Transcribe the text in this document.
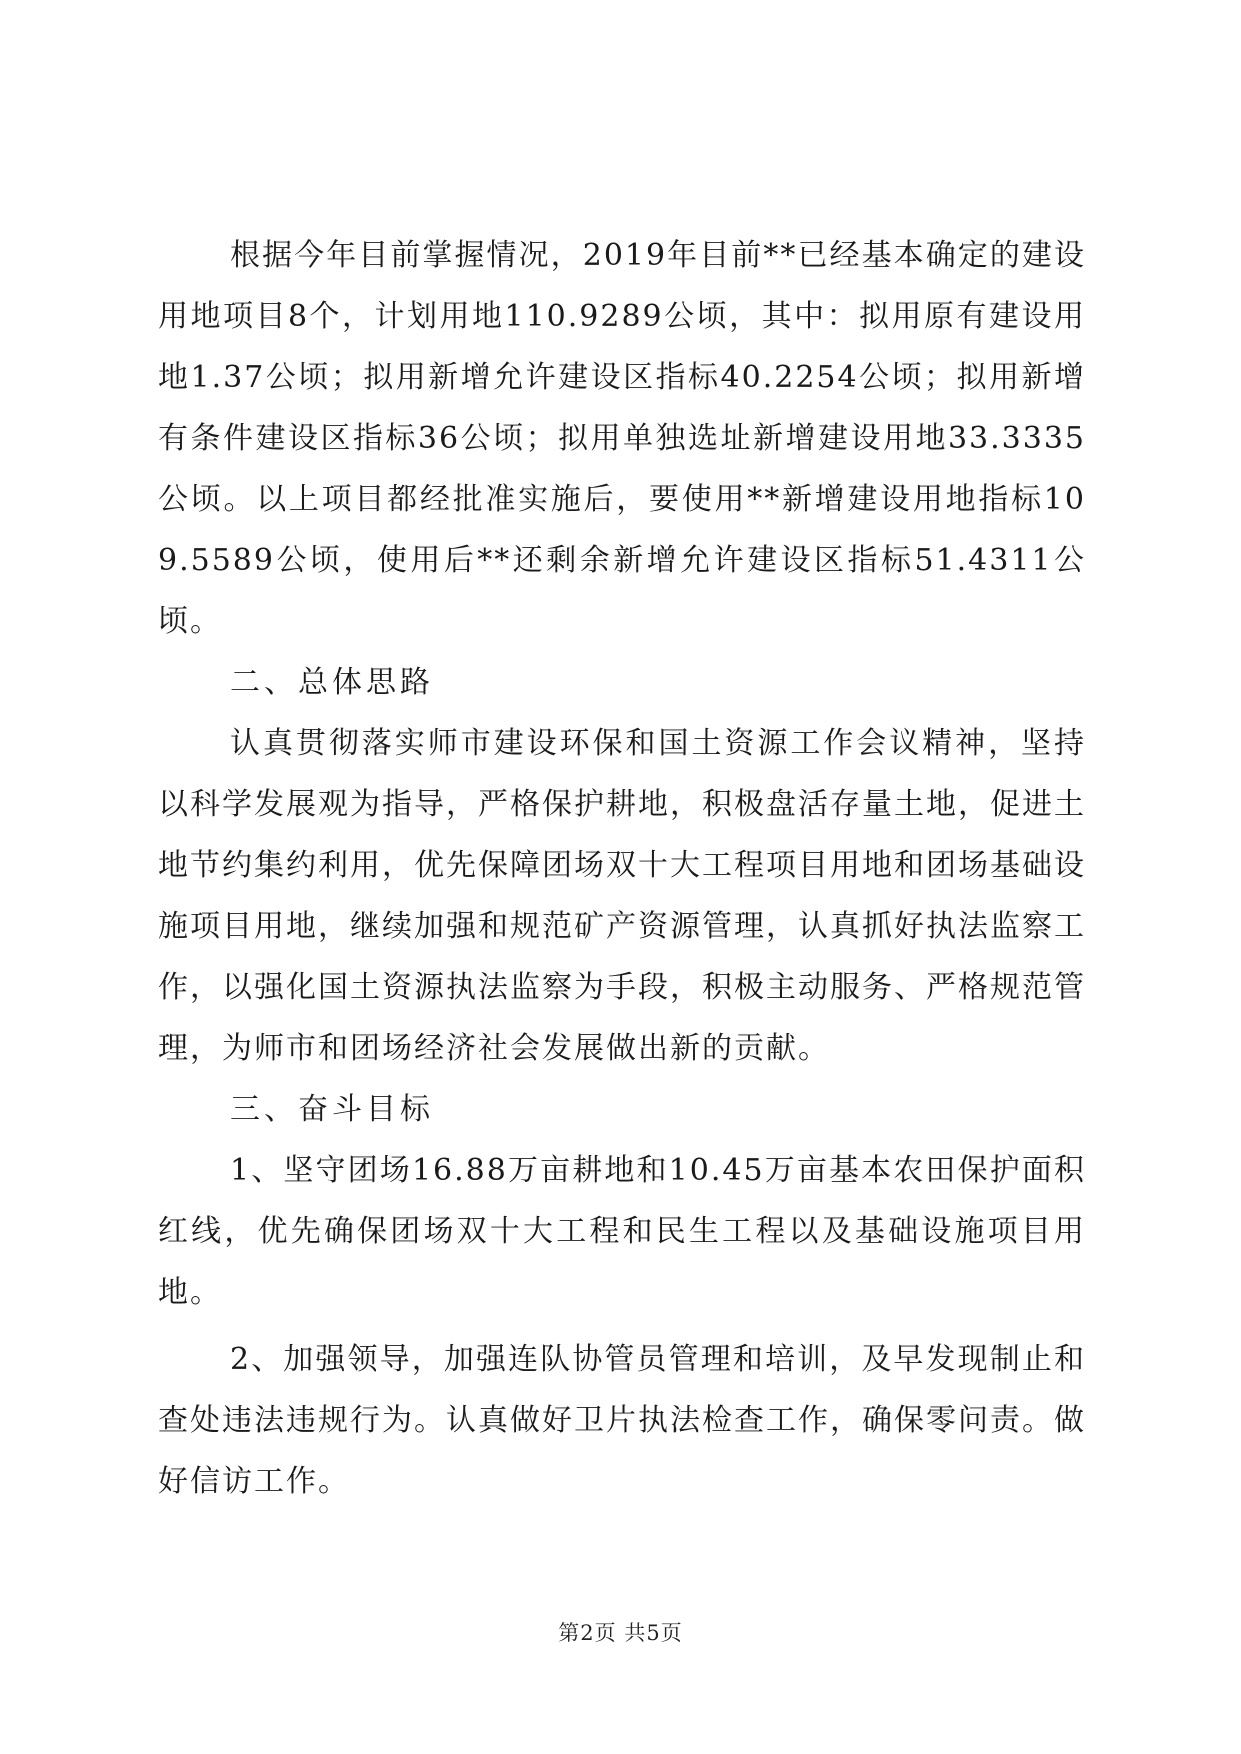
根据今年目前掌握情况，2019年目前**已经基本确定的建设用地项目8个，计划用地110.9289公顷，其中：拟用原有建设用地1.37公顷；拟用新增允许建设区指标40.2254公顷；拟用新增有条件建设区指标36公顷；拟用单独选址新增建设用地33.3335公顷。以上项目都经批准实施后，要使用**新增建设用地指标109.5589公顷，使用后**还剩余新增允许建设区指标51.4311公顷。

二、总体思路

认真贯彻落实师市建设环保和国土资源工作会议精神，坚持以科学发展观为指导，严格保护耕地，积极盘活存量土地，促进土地节约集约利用，优先保障团场双十大工程项目用地和团场基础设施项目用地，继续加强和规范矿产资源管理，认真抓好执法监察工作，以强化国土资源执法监察为手段，积极主动服务、严格规范管理，为师市和团场经济社会发展做出新的贡献。

三、奋斗目标

1、坚守团场16.88万亩耕地和10.45万亩基本农田保护面积红线，优先确保团场双十大工程和民生工程以及基础设施项目用地。

2、加强领导，加强连队协管员管理和培训，及早发现制止和查处违法违规行为。认真做好卫片执法检查工作，确保零问责。做好信访工作。

第2页 共5页
